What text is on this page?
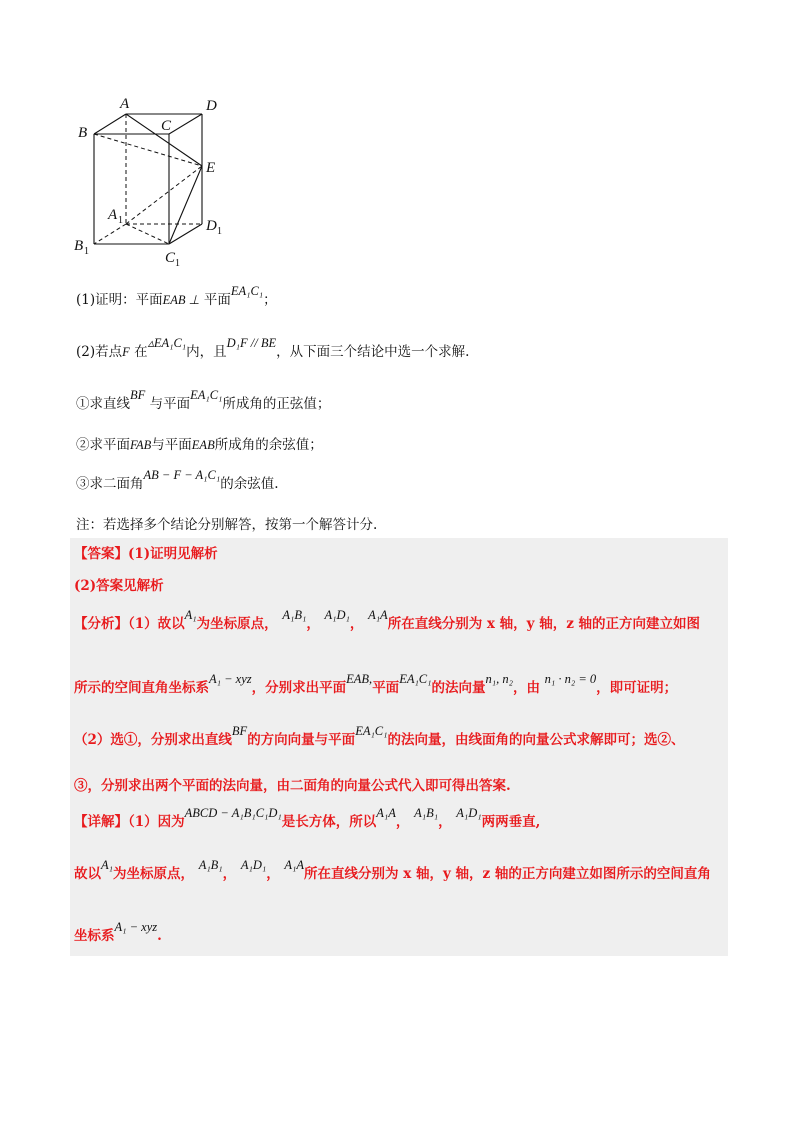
A	D
C
B
E
A 1	D 1
B 1	C 1
(1)证明：平面EAB ⊥ 平面EA₁C₁；
(2)若点F 在▵EA₁C₁内，且D₁F // BE，从下面三个结论中选一个求解.
①求直线BF 与平面EA₁C₁所成角的正弦值；
②求平面FAB与平面EAB所成角的余弦值；
③求二面角AB − F − A₁C₁的余弦值.
注：若选择多个结论分别解答，按第一个解答计分.
【答案】(1)证明见解析
(2)答案见解析
【分析】（1）故以A₁为坐标原点， A₁B₁， A₁D₁， A₁A所在直线分别为 x 轴，y 轴，z 轴的正方向建立如图
所示的空间直角坐标系A₁ − xyz，分别求出平面EAB,平面EA₁C₁的法向量n₁, n₂，由 n₁ · n₂ = 0，即可证明；
（2）选①，分别求出直线BF的方向向量与平面EA₁C₁的法向量，由线面角的向量公式求解即可；选②、
③，分别求出两个平面的法向量，由二面角的向量公式代入即可得出答案.
【详解】（1）因为ABCD − A₁B₁C₁D₁是长方体，所以A₁A， A₁B₁， A₁D₁两两垂直,
故以A₁为坐标原点， A₁B₁， A₁D₁， A₁A所在直线分别为 x 轴，y 轴，z 轴的正方向建立如图所示的空间直角
坐标系A₁ − xyz.
